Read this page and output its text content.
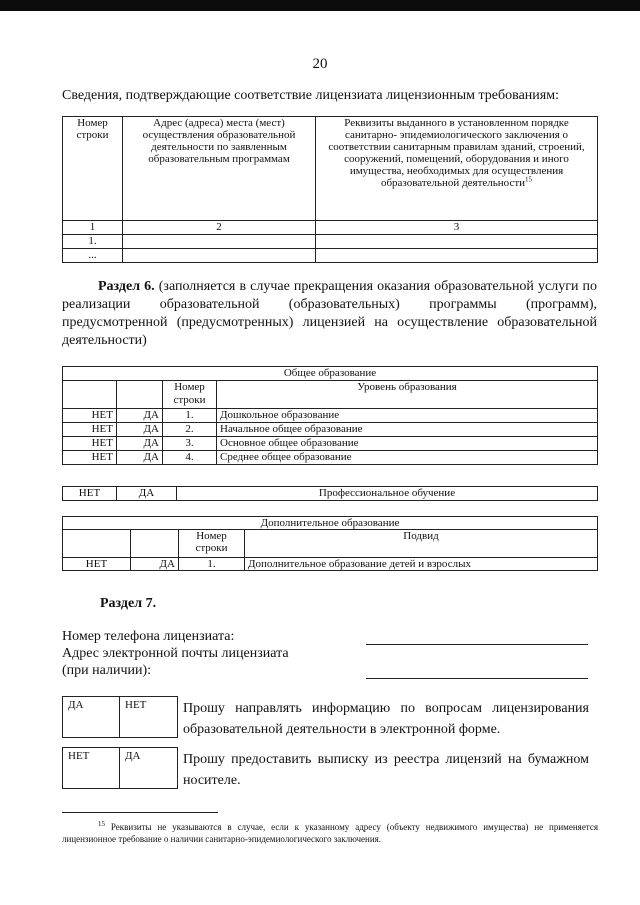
20
Сведения, подтверждающие соответствие лицензиата лицензионным требованиям:
Номер строки	Адрес (адреса) места (мест) осуществления образовательной деятельности по заявленным образовательным программам	Реквизиты выданного в установленном порядке санитарно- эпидемиологического заключения о соответствии санитарным правилам зданий, строений, сооружений, помещений, оборудования и иного имущества, необходимых для осуществления образовательной деятельности$^{15}$
1	2	3
1.		
...		
Раздел 6. (заполняется в случае прекращения оказания образовательной услуги по реализации образовательной (образовательных) программы (программ), предусмотренной (предусмотренных) лицензией на осуществление образовательной деятельности)
Общее образование			
		Номер строки	Уровень образования
НЕТ	ДА	1.	Дошкольное образование
НЕТ	ДА	2.	Начальное общее образование
НЕТ	ДА	3.	Основное общее образование
НЕТ	ДА	4.	Среднее общее образование
НЕТ	ДА	Профессиональное обучение
Дополнительное образование			
		Номер строки	Подвид
НЕТ	ДА	1.	Дополнительное образование детей и взрослых
Раздел 7.
Номер телефона лицензиата:
Адрес электронной почты лицензиата
(при наличии):
ДА	НЕТ	Прошу направлять информацию по вопросам лицензирования образовательной деятельности в электронной форме.
НЕТ	ДА	Прошу предоставить выписку из реестра лицензий на бумажном носителе.
$^{15}$ Реквизиты не указываются в случае, если к указанному адресу (объекту недвижимого имущества) не применяется лицензионное требование о наличии санитарно-эпидемиологического заключения.
